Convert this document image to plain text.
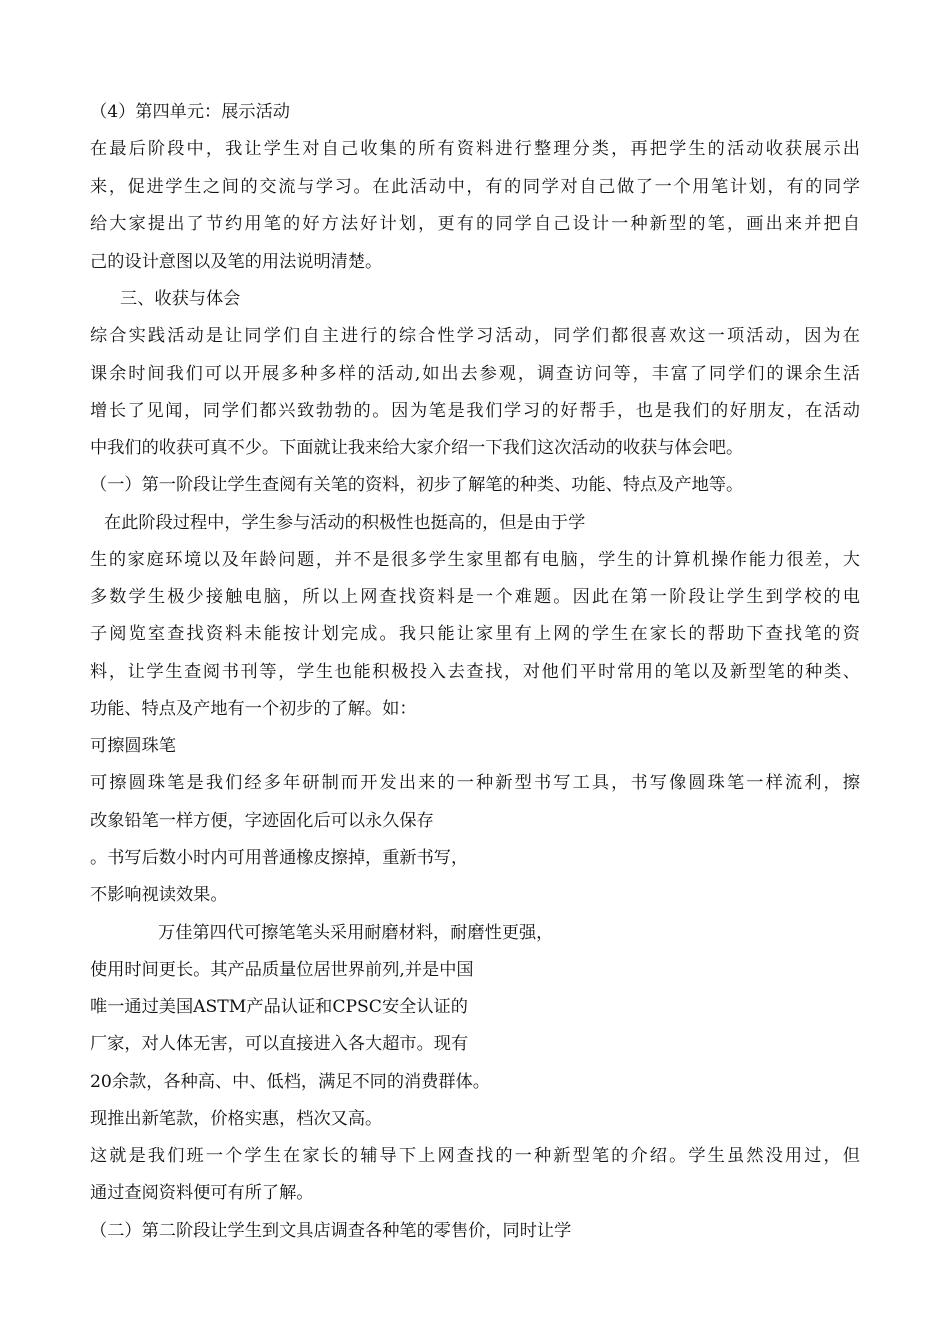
（4）第四单元：展示活动
在最后阶段中，我让学生对自己收集的所有资料进行整理分类，再把学生的活动收获展示出
来，促进学生之间的交流与学习。在此活动中，有的同学对自己做了一个用笔计划，有的同学
给大家提出了节约用笔的好方法好计划，更有的同学自己设计一种新型的笔，画出来并把自
己的设计意图以及笔的用法说明清楚。
三、收获与体会
综合实践活动是让同学们自主进行的综合性学习活动，同学们都很喜欢这一项活动，因为在
课余时间我们可以开展多种多样的活动,如出去参观，调查访问等，丰富了同学们的课余生活
增长了见闻，同学们都兴致勃勃的。因为笔是我们学习的好帮手，也是我们的好朋友，在活动
中我们的收获可真不少。下面就让我来给大家介绍一下我们这次活动的收获与体会吧。
（一）第一阶段让学生查阅有关笔的资料，初步了解笔的种类、功能、特点及产地等。
在此阶段过程中，学生参与活动的积极性也挺高的，但是由于学
生的家庭环境以及年龄问题，并不是很多学生家里都有电脑，学生的计算机操作能力很差，大
多数学生极少接触电脑，所以上网查找资料是一个难题。因此在第一阶段让学生到学校的电
子阅览室查找资料未能按计划完成。我只能让家里有上网的学生在家长的帮助下查找笔的资
料，让学生查阅书刊等，学生也能积极投入去查找，对他们平时常用的笔以及新型笔的种类、
功能、特点及产地有一个初步的了解。如：
可擦圆珠笔
可擦圆珠笔是我们经多年研制而开发出来的一种新型书写工具，书写像圆珠笔一样流利，擦
改象铅笔一样方便，字迹固化后可以永久保存
。书写后数小时内可用普通橡皮擦掉，重新书写，
不影响视读效果。
万佳第四代可擦笔笔头采用耐磨材料，耐磨性更强，
使用时间更长。其产品质量位居世界前列,并是中国
唯一通过美国ASTM产品认证和CPSC安全认证的
厂家，对人体无害，可以直接进入各大超市。现有
20余款，各种高、中、低档，满足不同的消费群体。
现推出新笔款，价格实惠，档次又高。
这就是我们班一个学生在家长的辅导下上网查找的一种新型笔的介绍。学生虽然没用过，但
通过查阅资料便可有所了解。
（二）第二阶段让学生到文具店调查各种笔的零售价，同时让学
